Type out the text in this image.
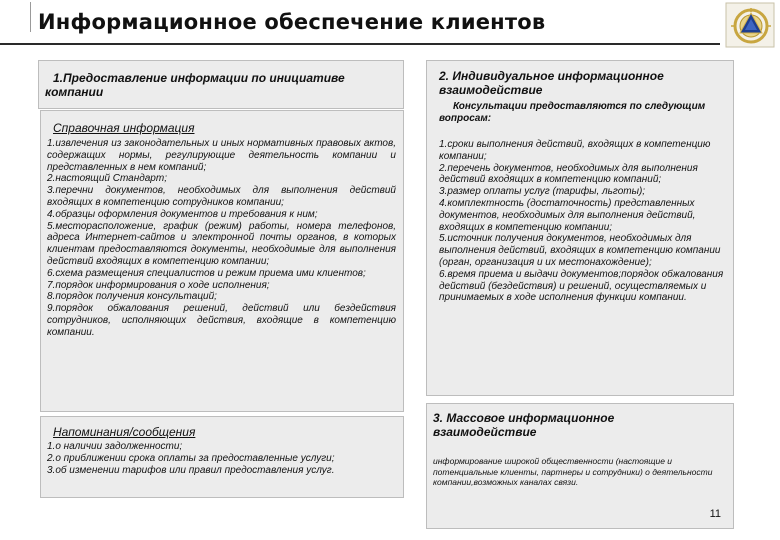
Информационное обеспечение клиентов
1.Предоставление информации по инициативе компании
Справочная информация

1.извлечения из законодательных и иных нормативных правовых актов, содержащих нормы, регулирующие деятельность компании и представленных в нем компаний;
2.настоящий Стандарт;
3.перечни документов, необходимых для выполнения действий входящих в компетенцию сотрудников компании;
4.образцы оформления документов и требования к ним;
5.месторасположение, график (режим) работы, номера телефонов, адреса Интернет-сайтов и электронной почты органов, в которых клиентам предоставляются документы, необходимые для выполнения действий входящих в компетенцию компании;
6.схема размещения специалистов и режим приема ими клиентов;
7.порядок информирования о ходе исполнения;
8.порядок получения консультаций;
9.порядок обжалования решений, действий или бездействия сотрудников, исполняющих действия, входящие в компетенцию компании.

Напоминания/сообщения

1.о наличии задолженности;
2.о приближении срока оплаты за предоставленные услуги;
3.об изменении тарифов или правил предоставления услуг.

2. Индивидуальное информационное взаимодействие
Консультации предоставляются по следующим вопросам:

1.сроки выполнения действий, входящих в компетенцию компании;
2.перечень документов, необходимых для выполнения действий входящих в компетенцию компаний;
3.размер оплаты услуг (тарифы, льготы);
4.комплектность (достаточность) представленных документов, необходимых для выполнения действий, входящих в компетенцию компании;
5.источник получения документов, необходимых для выполнения действий, входящих в компетенцию компании (орган, организация и их местонахождение);
6.время приема и выдачи документов;порядок обжалования действий (бездействия) и решений, осуществляемых и принимаемых в ходе исполнения функции компании.

3. Массовое информационное взаимодействие

информирование широкой общественности (настоящие и потенциальные клиенты, партнеры и сотрудники) о деятельности компании,возможных каналах связи.

11
